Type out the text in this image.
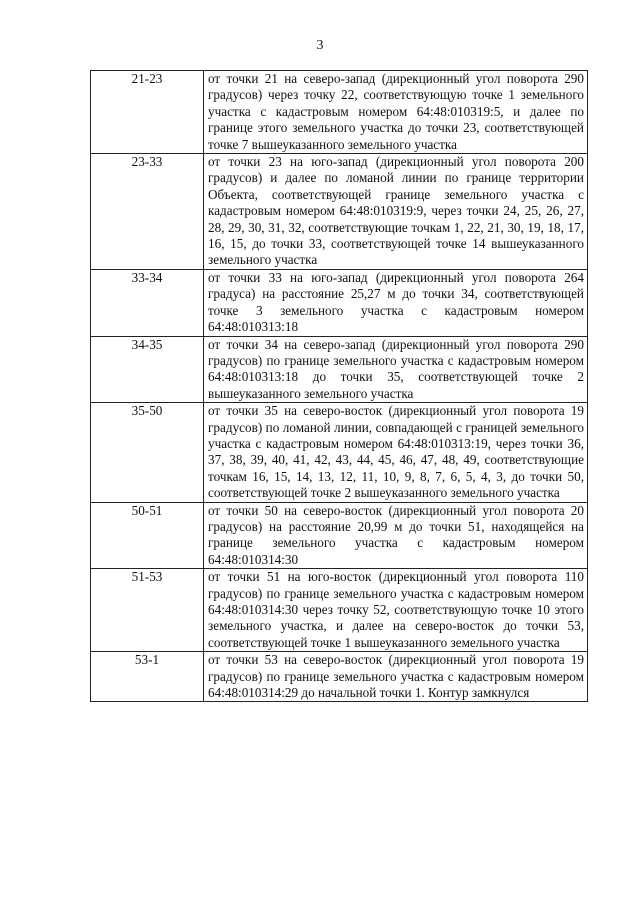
3
21-23	от точки 21 на северо-запад (дирекционный угол поворота 290 градусов) через точку 22, соответствующую точке 1 земельного участка с кадастровым номером 64:48:010319:5, и далее по границе этого земельного участка до точки 23, соответствующей точке 7 вышеуказанного земельного участка
23-33	от точки 23 на юго-запад (дирекционный угол поворота 200 градусов) и далее по ломаной линии по границе территории Объекта, соответствующей границе земельного участка с кадастровым номером 64:48:010319:9, через точки 24, 25, 26, 27, 28, 29, 30, 31, 32, соответствующие точкам 1, 22, 21, 30, 19, 18, 17, 16, 15, до точки 33, соответствующей точке 14 вышеуказанного земельного участка
33-34	от точки 33 на юго-запад (дирекционный угол поворота 264 градуса) на расстояние 25,27 м до точки 34, соответствующей точке 3 земельного участка с кадастровым номером 64:48:010313:18
34-35	от точки 34 на северо-запад (дирекционный угол поворота 290 градусов) по границе земельного участка с кадастровым номером 64:48:010313:18 до точки 35, соответствующей точке 2 вышеуказанного земельного участка
35-50	от точки 35 на северо-восток (дирекционный угол поворота 19 градусов) по ломаной линии, совпадающей с границей земельного участка с кадастровым номером 64:48:010313:19, через точки 36, 37, 38, 39, 40, 41, 42, 43, 44, 45, 46, 47, 48, 49, соответствующие точкам 16, 15, 14, 13, 12, 11, 10, 9, 8, 7, 6, 5, 4, 3, до точки 50, соответствующей точке 2 вышеуказанного земельного участка
50-51	от точки 50 на северо-восток (дирекционный угол поворота 20 градусов) на расстояние 20,99 м до точки 51, находящейся на границе земельного участка с кадастровым номером 64:48:010314:30
51-53	от точки 51 на юго-восток (дирекционный угол поворота 110 градусов) по границе земельного участка с кадастровым номером 64:48:010314:30 через точку 52, соответствующую точке 10 этого земельного участка, и далее на северо-восток до точки 53, соответствующей точке 1 вышеуказанного земельного участка
53-1	от точки 53 на северо-восток (дирекционный угол поворота 19 градусов) по границе земельного участка с кадастровым номером 64:48:010314:29 до начальной точки 1. Контур замкнулся
